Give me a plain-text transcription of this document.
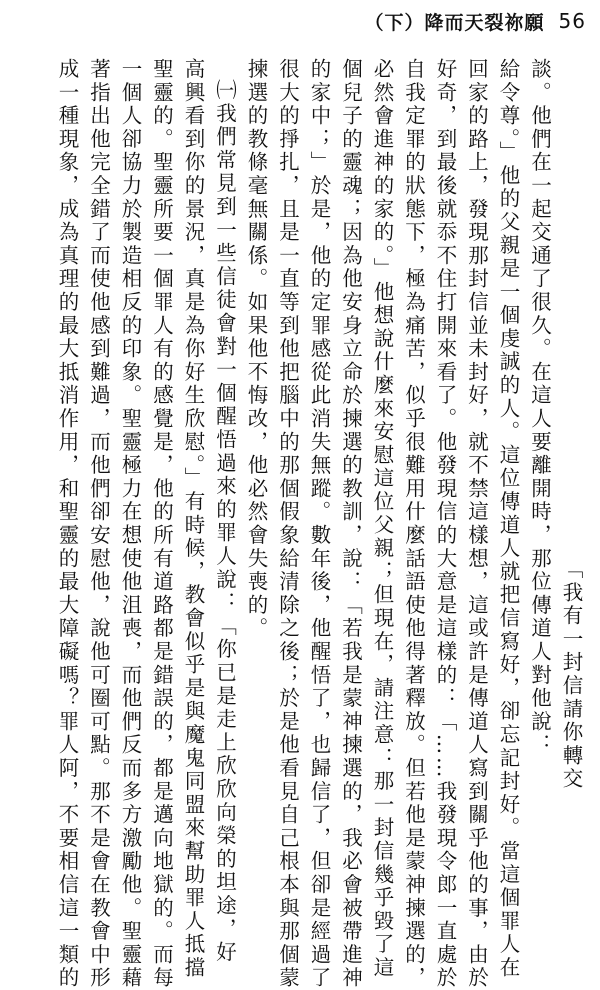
（下）降而天裂祢願 56
「我有一封信請你轉交
談。他們在一起交通了很久。在這人要離開時，那位傳道人對他說：
給令尊。」他的父親是一個虔誠的人。這位傳道人就把信寫好，卻忘記封好。當這個罪人在
回家的路上，發現那封信並未封好，就不禁這樣想，這或許是傳道人寫到關乎他的事，由於
好奇，到最後就忝不住打開來看了。他發現信的大意是這樣的：「……我發現令郎一直處於
自我定罪的狀態下，極為痛苦，似乎很難用什麼話語使他得著釋放。但若他是蒙神揀選的，
必然會進神的家的。」他想說什麼來安慰這位父親；但現在，請注意：那一封信幾乎毀了這
個兒子的靈魂；因為他安身立命於揀選的教訓，說：「若我是蒙神揀選的，我必會被帶進神
的家中；」於是，他的定罪感從此消失無蹤。數年後，他醒悟了，也歸信了，但卻是經過了
很大的掙扎，且是一直等到他把腦中的那個假象給清除之後；於是他看見自己根本與那個蒙
揀選的教條毫無關係。如果他不悔改，他必然會失喪的。
㈠我們常見到一些信徒會對一個醒悟過來的罪人說：「你已是走上欣欣向榮的坦途，好
高興看到你的景況，真是為你好生欣慰。」有時候，教會似乎是與魔鬼同盟來幫助罪人抵擋
聖靈的。聖靈所要一個罪人有的感覺是，他的所有道路都是錯誤的，都是邁向地獄的。而每
一個人卻協力於製造相反的印象。聖靈極力在想使他沮喪，而他們反而多方激勵他。聖靈藉
著指出他完全錯了而使他感到難過，而他們卻安慰他，說他可圈可點。那不是會在教會中形
成一種現象，成為真理的最大抵消作用，和聖靈的最大障礙嗎？罪人阿，不要相信這一類的
